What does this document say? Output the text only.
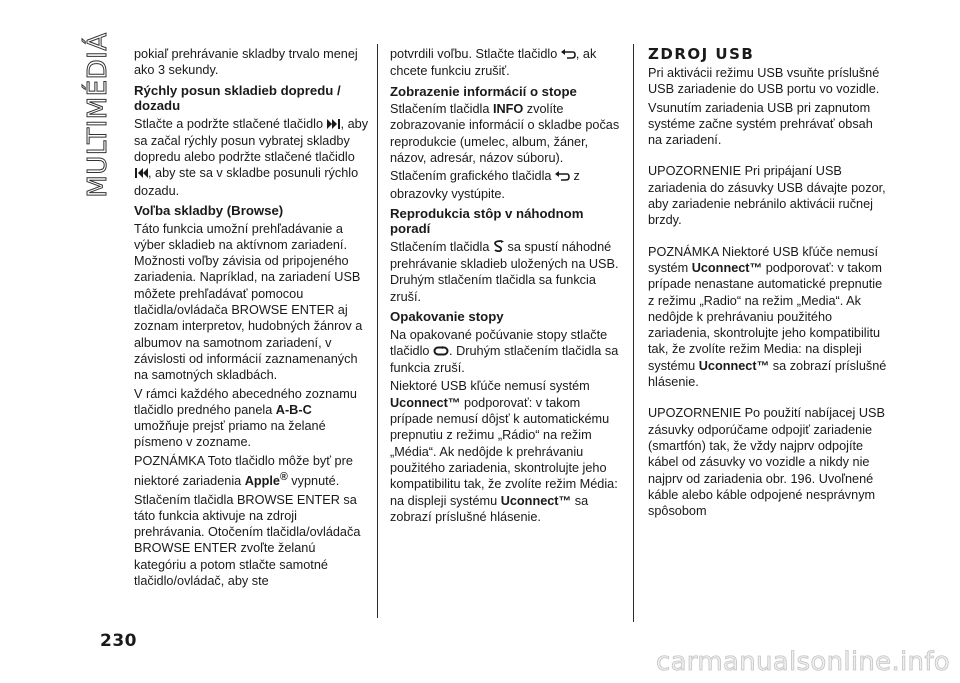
MULTIMÉDIÁ pokiaľ prehrávanie skladby trvalo menej ako 3 sekundy.

Rýchly posun skladieb dopredu / dozadu

Stlačte a podržte stlačené tlačidlo , aby sa začal rýchly posun vybratej skladby dopredu alebo podržte stlačené tlačidlo , aby ste sa v skladbe posunuli rýchlo dozadu.

Voľba skladby (Browse)

Táto funkcia umožní prehľadávanie a výber skladieb na aktívnom zariadení. Možnosti voľby závisia od pripojeného zariadenia. Napríklad, na zariadení USB môžete prehľadávať pomocou tlačidla/ovládača BROWSE ENTER aj zoznam interpretov, hudobných žánrov a albumov na samotnom zariadení, v závislosti od informácií zaznamenaných na samotných skladbách.

V rámci každého abecedného zoznamu tlačidlo predného panela A-B-C umožňuje prejsť priamo na želané písmeno v zozname.

POZNÁMKA Toto tlačidlo môže byť pre niektoré zariadenia Apple® vypnuté.

Stlačením tlačidla BROWSE ENTER sa táto funkcia aktivuje na zdroji prehrávania. Otočením tlačidla/ovládača BROWSE ENTER zvoľte želanú kategóriu a potom stlačte samotné tlačidlo/ovládač, aby ste

potvrdili voľbu. Stlačte tlačidlo , ak chcete funkciu zrušiť.

Zobrazenie informácií o stope

Stlačením tlačidla INFO zvolíte zobrazovanie informácií o skladbe počas reprodukcie (umelec, album, žáner, názov, adresár, názov súboru).

Stlačením grafického tlačidla  z obrazovky vystúpite.

Reprodukcia stôp v náhodnom poradí

Stlačením tlačidla  sa spustí náhodné prehrávanie skladieb uložených na USB. Druhým stlačením tlačidla sa funkcia zruší.

Opakovanie stopy

Na opakované počúvanie stopy stlačte tlačidlo . Druhým stlačením tlačidla sa funkcia zruší.

Niektoré USB kľúče nemusí systém Uconnect™ podporovať: v takom prípade nemusí dôjsť k automatickému prepnutiu z režimu „Rádio“ na režim „Média“. Ak nedôjde k prehrávaniu použitého zariadenia, skontrolujte jeho kompatibilitu tak, že zvolíte režim Média: na displeji systému Uconnect™ sa zobrazí príslušné hlásenie.

ZDROJ USB

Pri aktivácii režimu USB vsuňte príslušné USB zariadenie do USB portu vo vozidle.

Vsunutím zariadenia USB pri zapnutom systéme začne systém prehrávať obsah na zariadení.

UPOZORNENIE Pri pripájaní USB zariadenia do zásuvky USB dávajte pozor, aby zariadenie nebránilo aktivácii ručnej brzdy.

POZNÁMKA Niektoré USB kľúče nemusí systém Uconnect™ podporovať: v takom prípade nenastane automatické prepnutie z režimu „Radio“ na režim „Media“. Ak nedôjde k prehrávaniu použitého zariadenia, skontrolujte jeho kompatibilitu tak, že zvolíte režim Media: na displeji systému Uconnect™ sa zobrazí príslušné hlásenie.

UPOZORNENIE Po použití nabíjacej USB zásuvky odporúčame odpojiť zariadenie (smartfón) tak, že vždy najprv odpojíte kábel od zásuvky vo vozidle a nikdy nie najprv od zariadenia obr. 196. Uvoľnené káble alebo káble odpojené nesprávnym spôsobom

230
carmanualsonline.info
